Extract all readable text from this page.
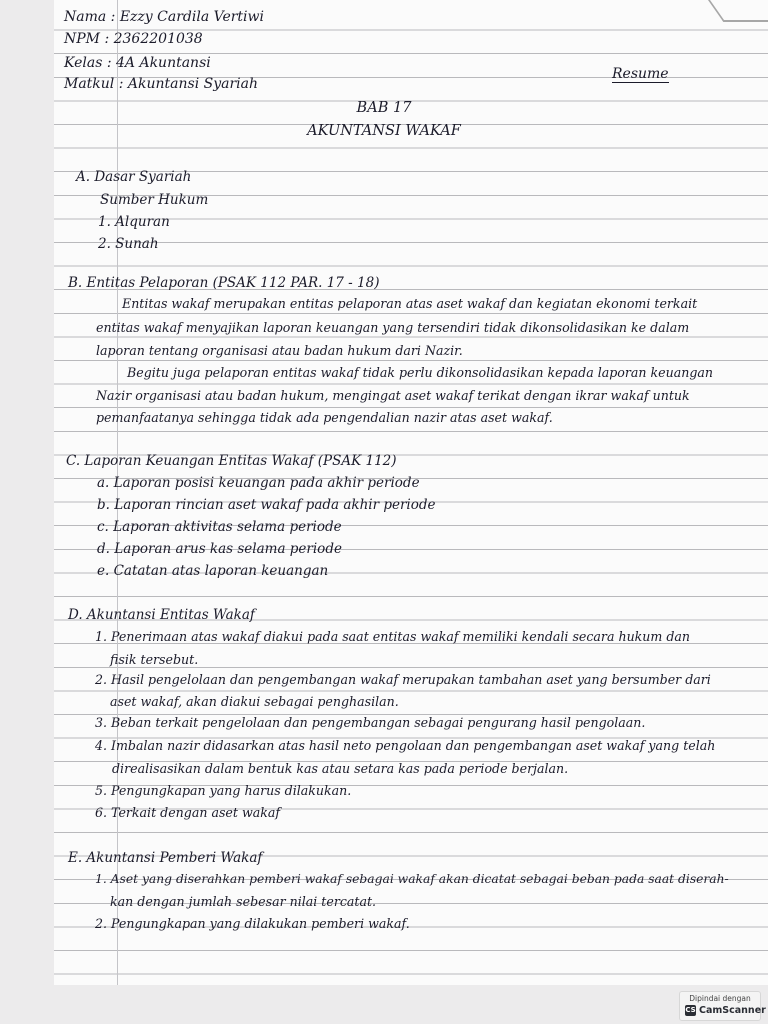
Nama : Ezzy Cardila Vertiwi
NPM : 2362201038
Kelas : 4A Akuntansi
Matkul : Akuntansi Syariah
Resume
BAB 17
AKUNTANSI WAKAF
A. Dasar Syariah
Sumber Hukum
1. Alquran
2. Sunah
B. Entitas Pelaporan (PSAK 112 PAR. 17 - 18)
Entitas wakaf merupakan entitas pelaporan atas aset wakaf dan kegiatan ekonomi terkait
entitas wakaf menyajikan laporan keuangan yang tersendiri tidak dikonsolidasikan ke dalam
laporan tentang organisasi atau badan hukum dari Nazir.
Begitu juga pelaporan entitas wakaf tidak perlu dikonsolidasikan kepada laporan keuangan
Nazir organisasi atau badan hukum, mengingat aset wakaf terikat dengan ikrar wakaf untuk
pemanfaatanya sehingga tidak ada pengendalian nazir atas aset wakaf.
C. Laporan Keuangan Entitas Wakaf (PSAK 112)
a. Laporan posisi keuangan pada akhir periode
b. Laporan rincian aset wakaf pada akhir periode
c. Laporan aktivitas selama periode
d. Laporan arus kas selama periode
e. Catatan atas laporan keuangan
D. Akuntansi Entitas Wakaf
1. Penerimaan atas wakaf diakui pada saat entitas wakaf memiliki kendali secara hukum dan
fisik tersebut.
2. Hasil pengelolaan dan pengembangan wakaf merupakan tambahan aset yang bersumber dari
aset wakaf, akan diakui sebagai penghasilan.
3. Beban terkait pengelolaan dan pengembangan sebagai pengurang hasil pengolaan.
4. Imbalan nazir didasarkan atas hasil neto pengolaan dan pengembangan aset wakaf yang telah
direalisasikan dalam bentuk kas atau setara kas pada periode berjalan.
5. Pengungkapan yang harus dilakukan.
6. Terkait dengan aset wakaf
E. Akuntansi Pemberi Wakaf
1. Aset yang diserahkan pemberi wakaf sebagai wakaf akan dicatat sebagai beban pada saat diserah-
kan dengan jumlah sebesar nilai tercatat.
2. Pengungkapan yang dilakukan pemberi wakaf.
Dipindai dengan
CS CamScanner
